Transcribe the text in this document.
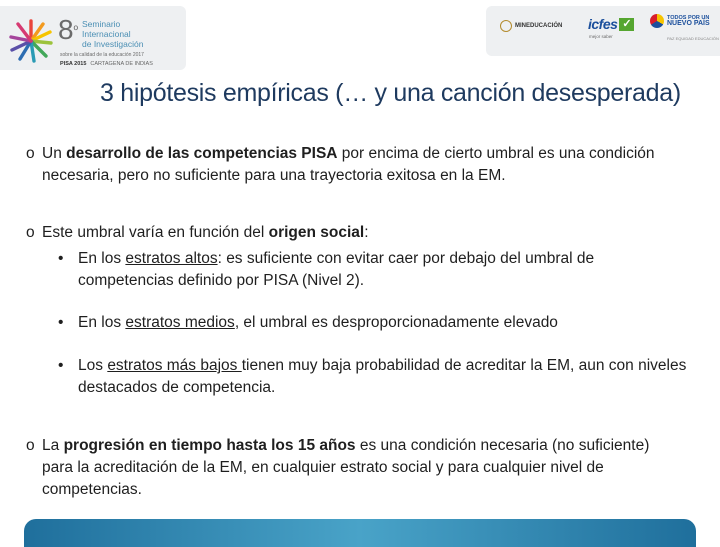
$8^º$ Seminario
Internacional
de Investigación
sobre la calidad de la educación 2017
PISA 2015 CARTAGENA DE INDIAS
MINEDUCACIÓN icfes ✓
mejor saber
TODOS POR UN
NUEVO PAÍS
PAZ EQUIDAD EDUCACIÓN
3 hipótesis empíricas (… y una canción desesperada)
o Un desarrollo de las competencias PISA por encima de cierto umbral es una condición necesaria, pero no suficiente para una trayectoria exitosa en la EM.
o Este umbral varía en función del origen social:
• En los estratos altos: es suficiente con evitar caer por debajo del umbral de competencias definido por PISA (Nivel 2).
• En los estratos medios, el umbral es desproporcionadamente elevado
• Los estratos más bajos tienen muy baja probabilidad de acreditar la EM, aun con niveles destacados de competencia.
o La progresión en tiempo hasta los 15 años es una condición necesaria (no suficiente) para la acreditación de la EM, en cualquier estrato social y para cualquier nivel de competencias.
